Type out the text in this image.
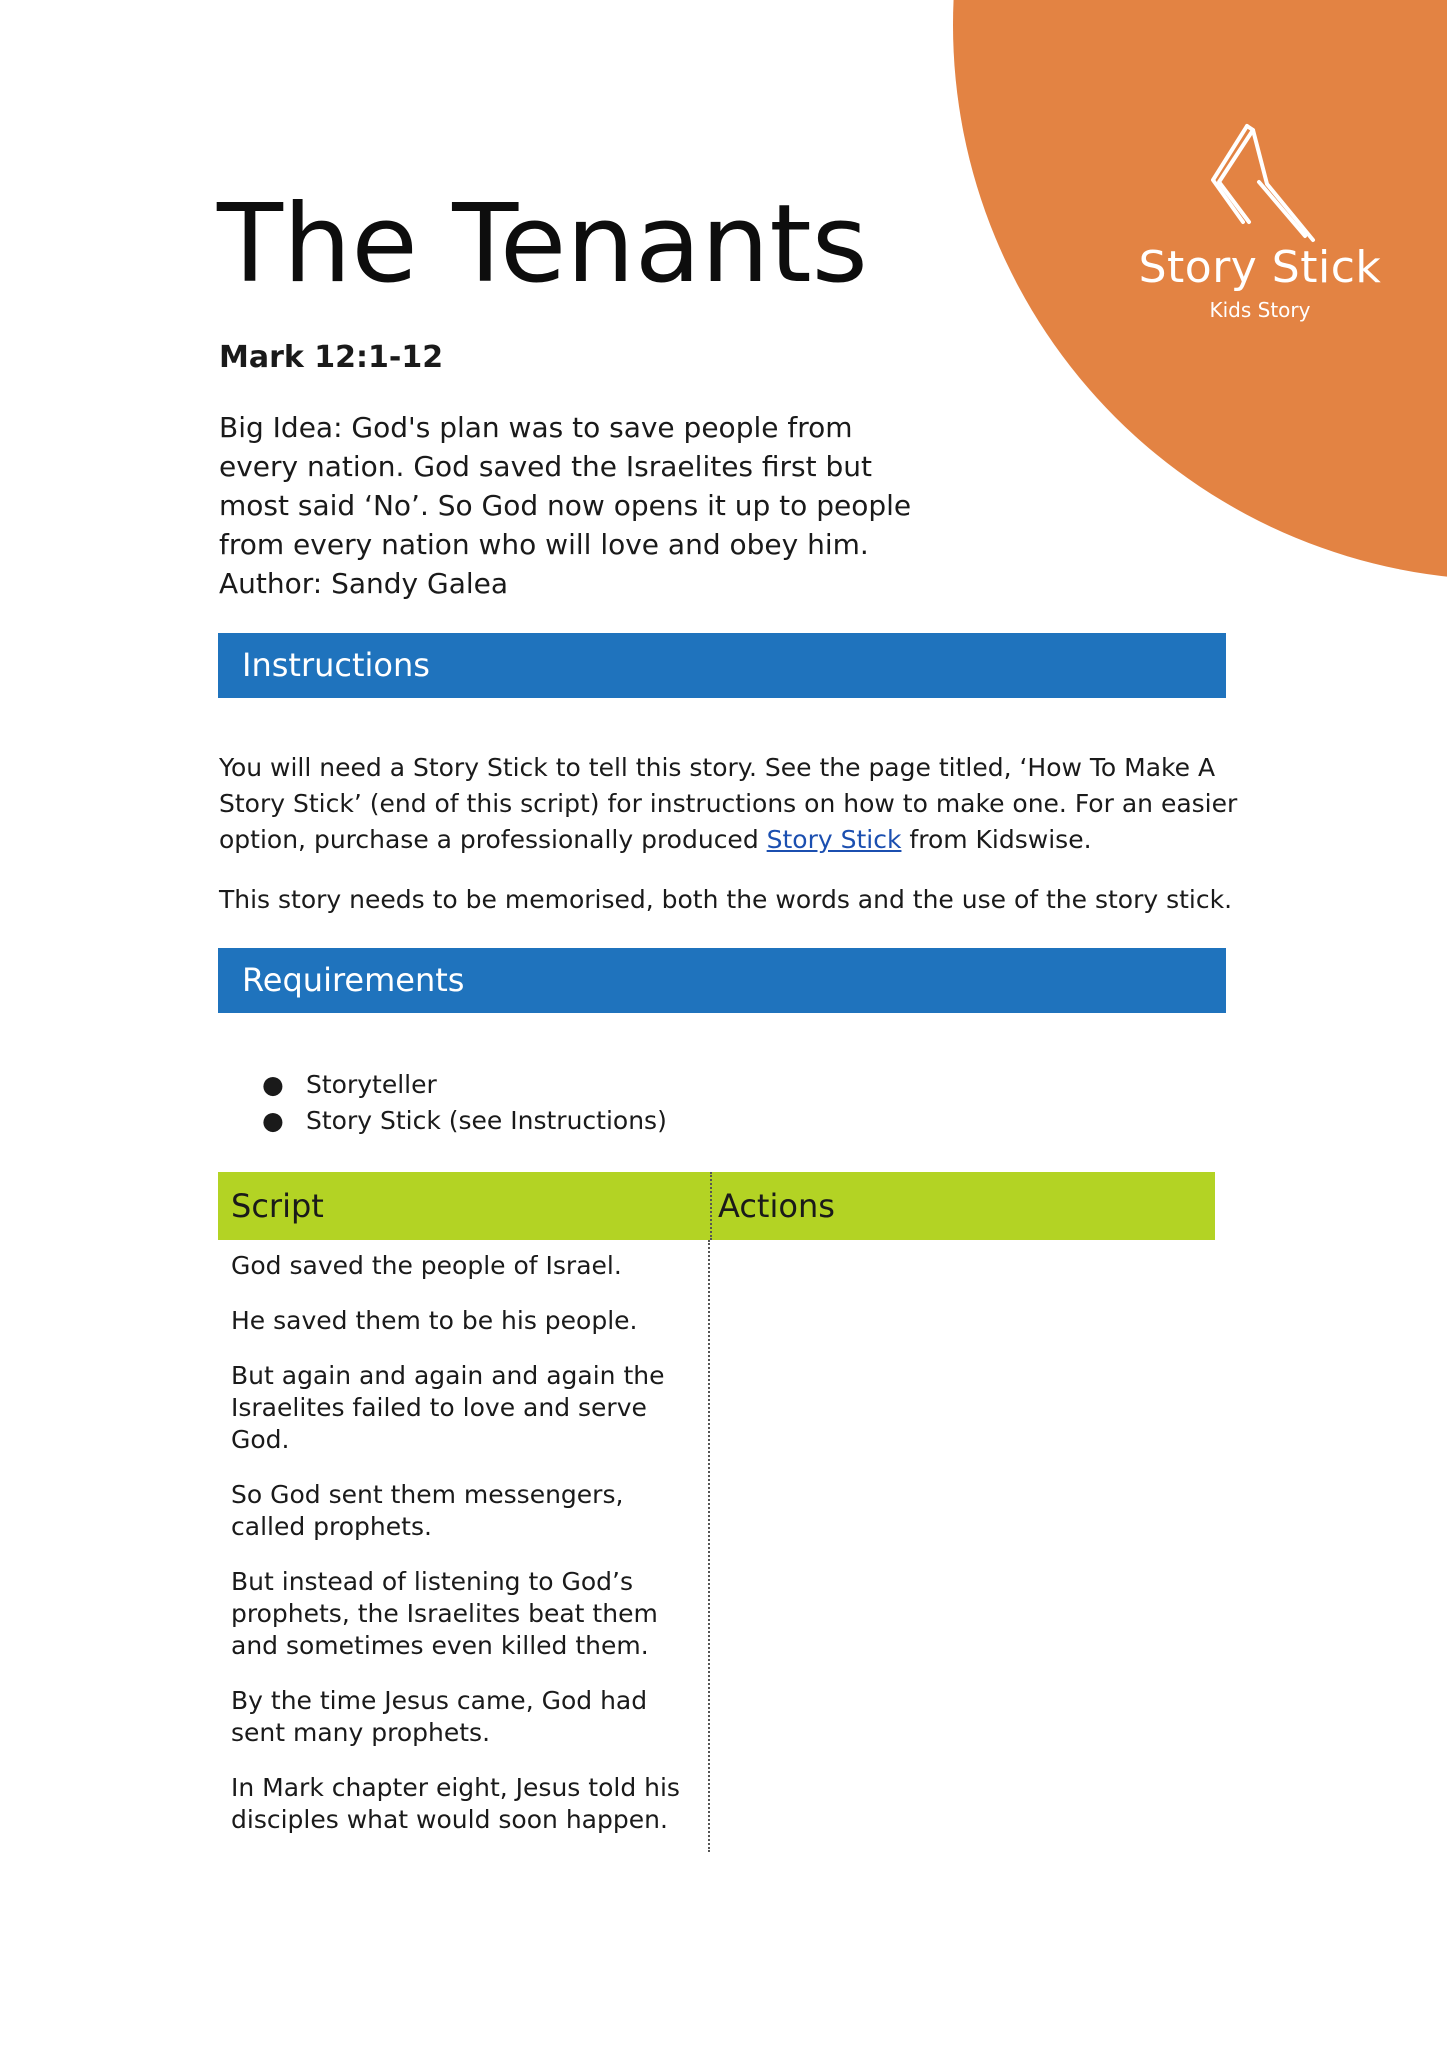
Story Stick
Kids Story
The Tenants
Mark 12:1-12

Big Idea: God's plan was to save people from every nation. God saved the Israelites first but most said ‘No’. So God now opens it up to people from every nation who will love and obey him.

Author: Sandy Galea

Instructions

You will need a Story Stick to tell this story. See the page titled, ‘How To Make A Story Stick’ (end of this script) for instructions on how to make one. For an easier option, purchase a professionally produced Story Stick from Kidswise.

This story needs to be memorised, both the words and the use of the story stick.

Requirements
● Storyteller
● Story Stick (see Instructions)
Script	Actions

God saved the people of Israel.

He saved them to be his people.

But again and again and again the Israelites failed to love and serve God.

So God sent them messengers, called prophets.

But instead of listening to God’s prophets, the Israelites beat them and sometimes even killed them.

By the time Jesus came, God had sent many prophets.

In Mark chapter eight, Jesus told his disciples what would soon happen.
